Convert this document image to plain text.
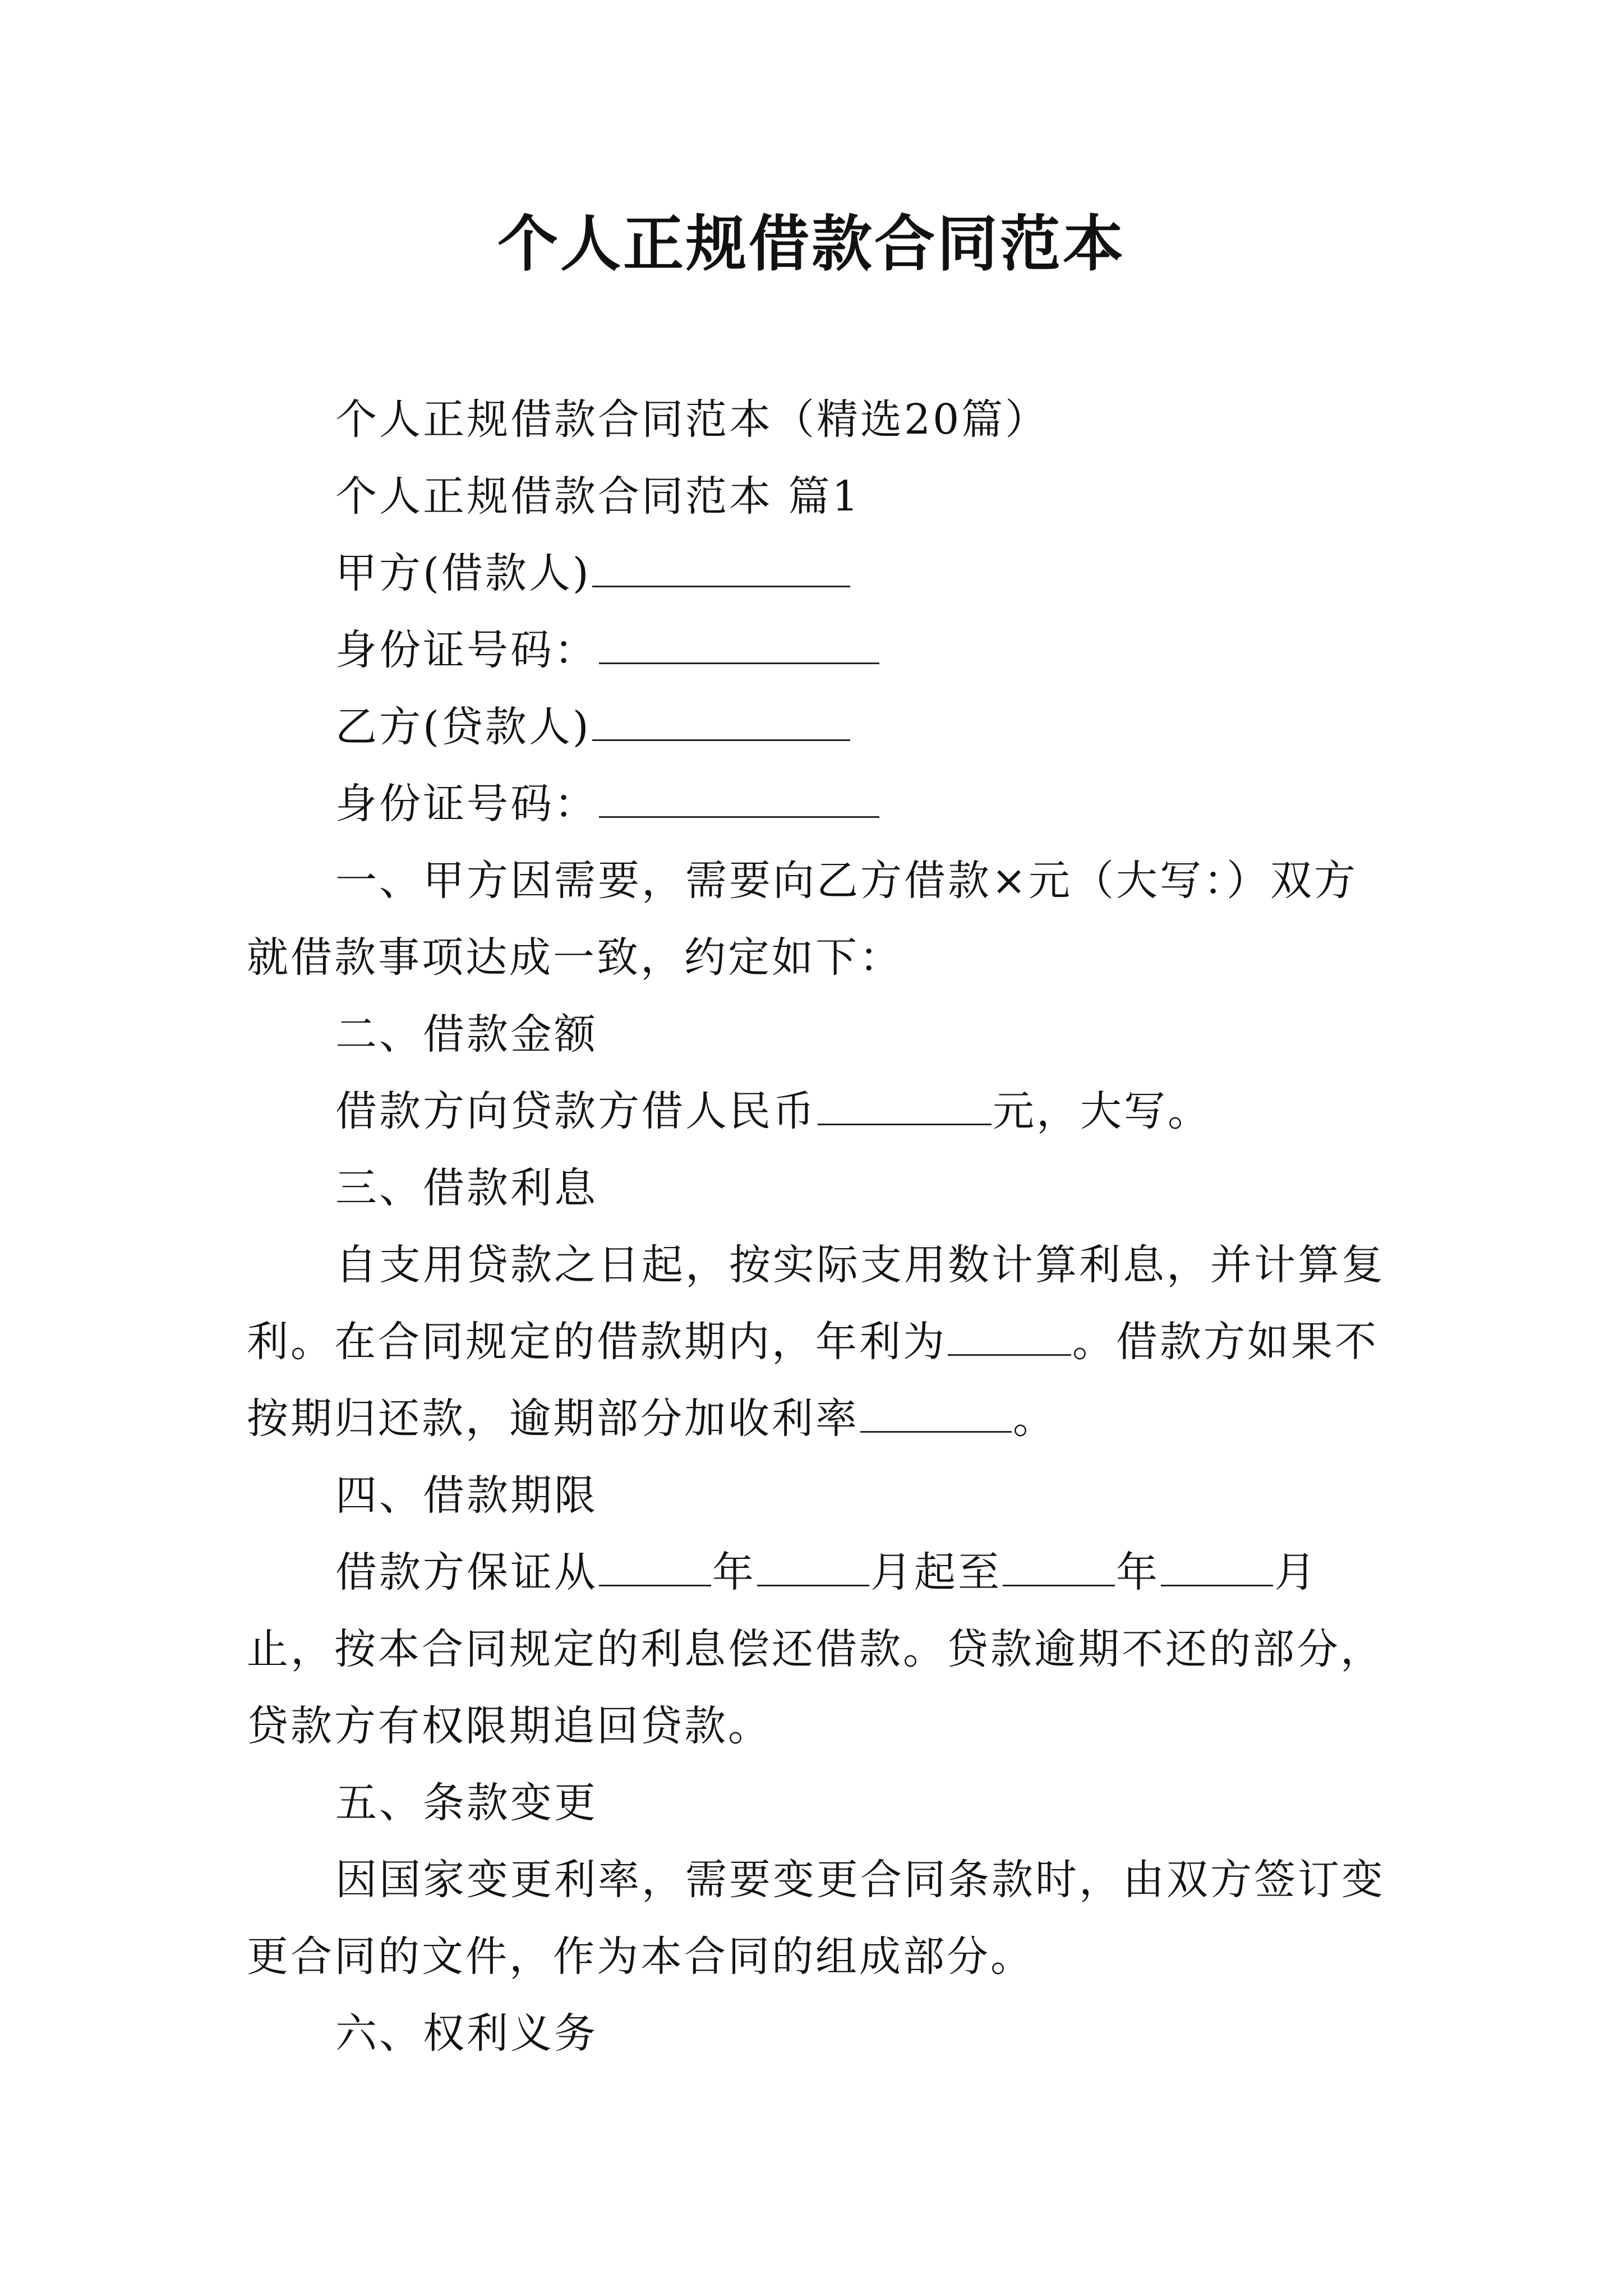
个人正规借款合同范本

个人正规借款合同范本（精选20篇）

个人正规借款合同范本 篇1

甲方(借款人)

身份证号码：

乙方(贷款人)

身份证号码：

一、甲方因需要，需要向乙方借款×元（大写：）双方就借款事项达成一致，约定如下：

二、借款金额

借款方向贷款方借人民币	元，大写。

三、借款利息

自支用贷款之日起，按实际支用数计算利息，并计算复利。在合同规定的借款期内，年利为	。借款方如果不按期归还款，逾期部分加收利率	。

四、借款期限

借款方保证从	年	月起至	年	月止，按本合同规定的利息偿还借款。贷款逾期不还的部分，贷款方有权限期追回贷款。

五、条款变更

因国家变更利率，需要变更合同条款时，由双方签订变更合同的文件，作为本合同的组成部分。

六、权利义务
